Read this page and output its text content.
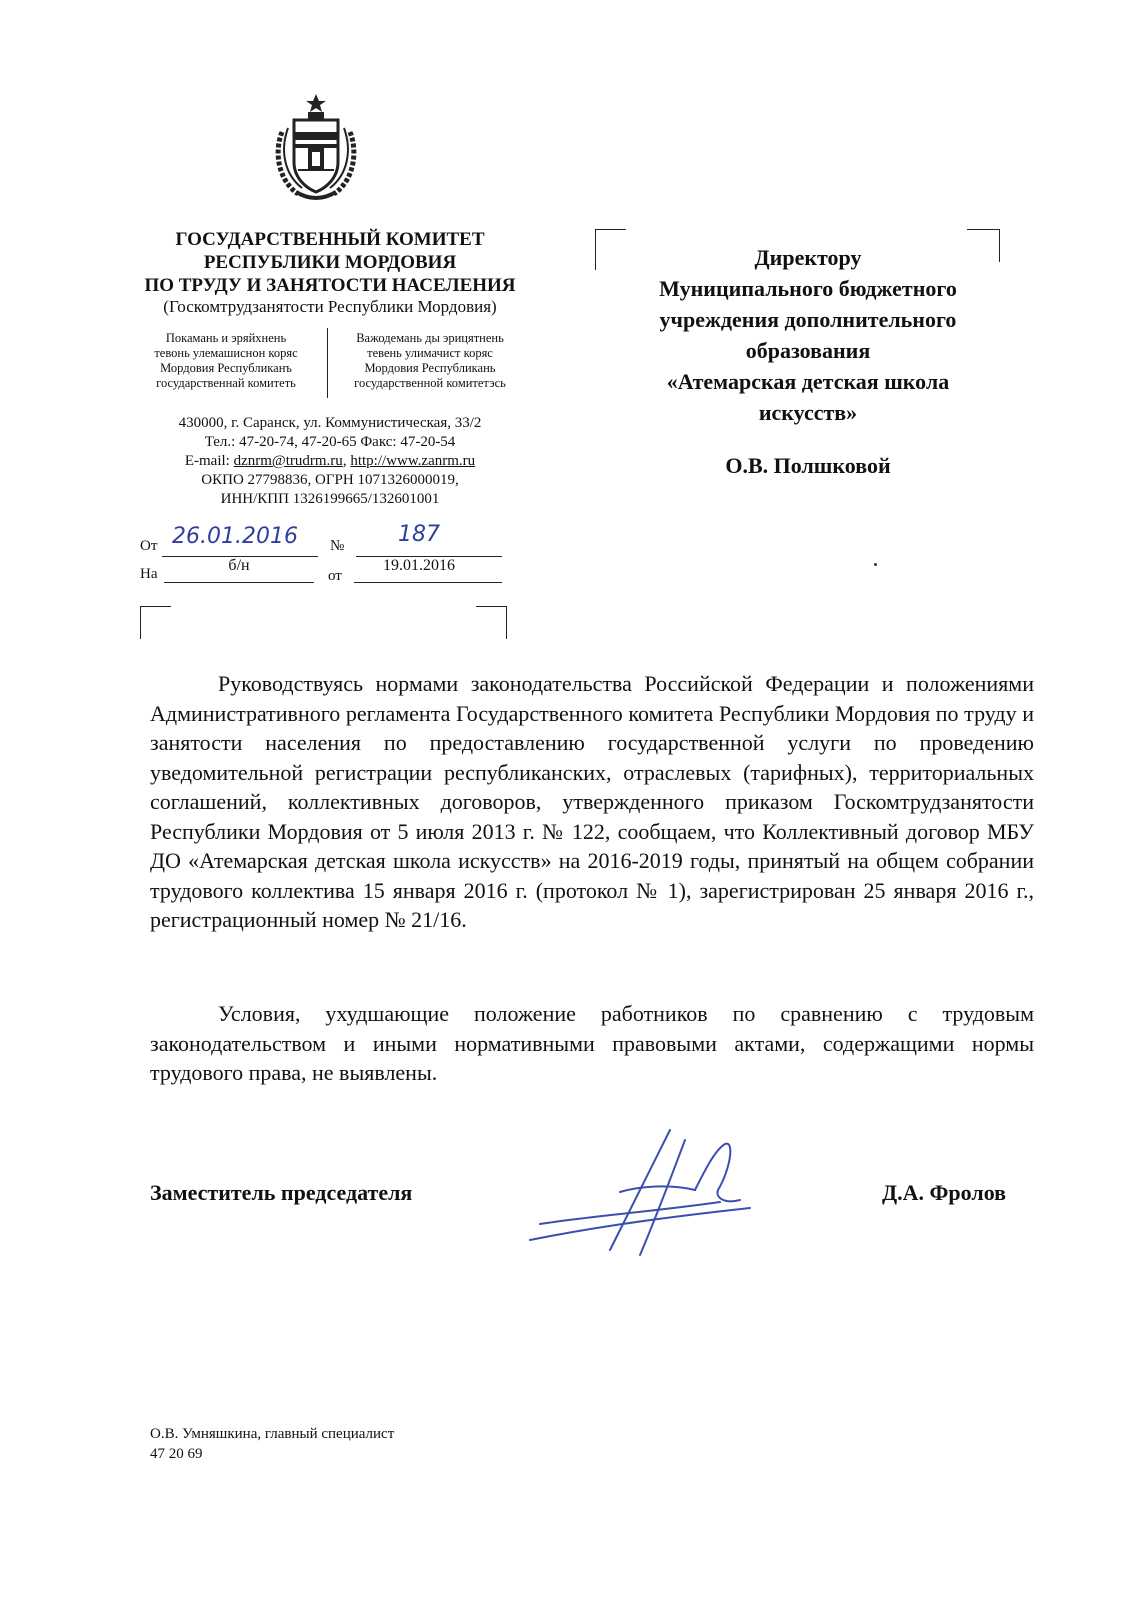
ГОСУДАРСТВЕННЫЙ КОМИТЕТ
РЕСПУБЛИКИ МОРДОВИЯ
ПО ТРУДУ И ЗАНЯТОСТИ НАСЕЛЕНИЯ
(Госкомтрудзанятости Республики Мордовия)
Покамань и эряйхнень
тевонь улемашиснон коряс
Мордовия Республиканъ
государственнай комитеть
Важодемань ды эрицятнень
тевень улимачист коряс
Мордовия Республикань
государственной комитетэсь
430000, г. Саранск, ул. Коммунистическая, 33/2
Тел.: 47-20-74, 47-20-65 Факс: 47-20-54
E-mail: dznrm@trudrm.ru, http://www.zanrm.ru
ОКПО 27798836, ОГРН 1071326000019,
ИНН/КПП 1326199665/132601001
От 26.01.2016 № 187
На	б/н
от
19.01.2016
Директору
Муниципального бюджетного
учреждения дополнительного
образования
«Атемарская детская школа
искусств»
О.В. Полшковой
Руководствуясь нормами законодательства Российской Федерации и положениями Административного регламента Государственного комитета Республики Мордовия по труду и занятости населения по предоставлению государственной услуги по проведению уведомительной регистрации республиканских, отраслевых (тарифных), территориальных соглашений, коллективных договоров, утвержденного приказом Госкомтрудзанятости Республики Мордовия от 5 июля 2013 г. № 122, сообщаем, что Коллективный договор МБУ ДО «Атемарская детская школа искусств» на 2016-2019 годы, принятый на общем собрании трудового коллектива 15 января 2016 г. (протокол № 1), зарегистрирован 25 января 2016 г., регистрационный номер № 21/16.
Условия, ухудшающие положение работников по сравнению с трудовым законодательством и иными нормативными правовыми актами, содержащими нормы трудового права, не выявлены.
Заместитель председателя	Д.А. Фролов
О.В. Умняшкина, главный специалист
47 20 69
